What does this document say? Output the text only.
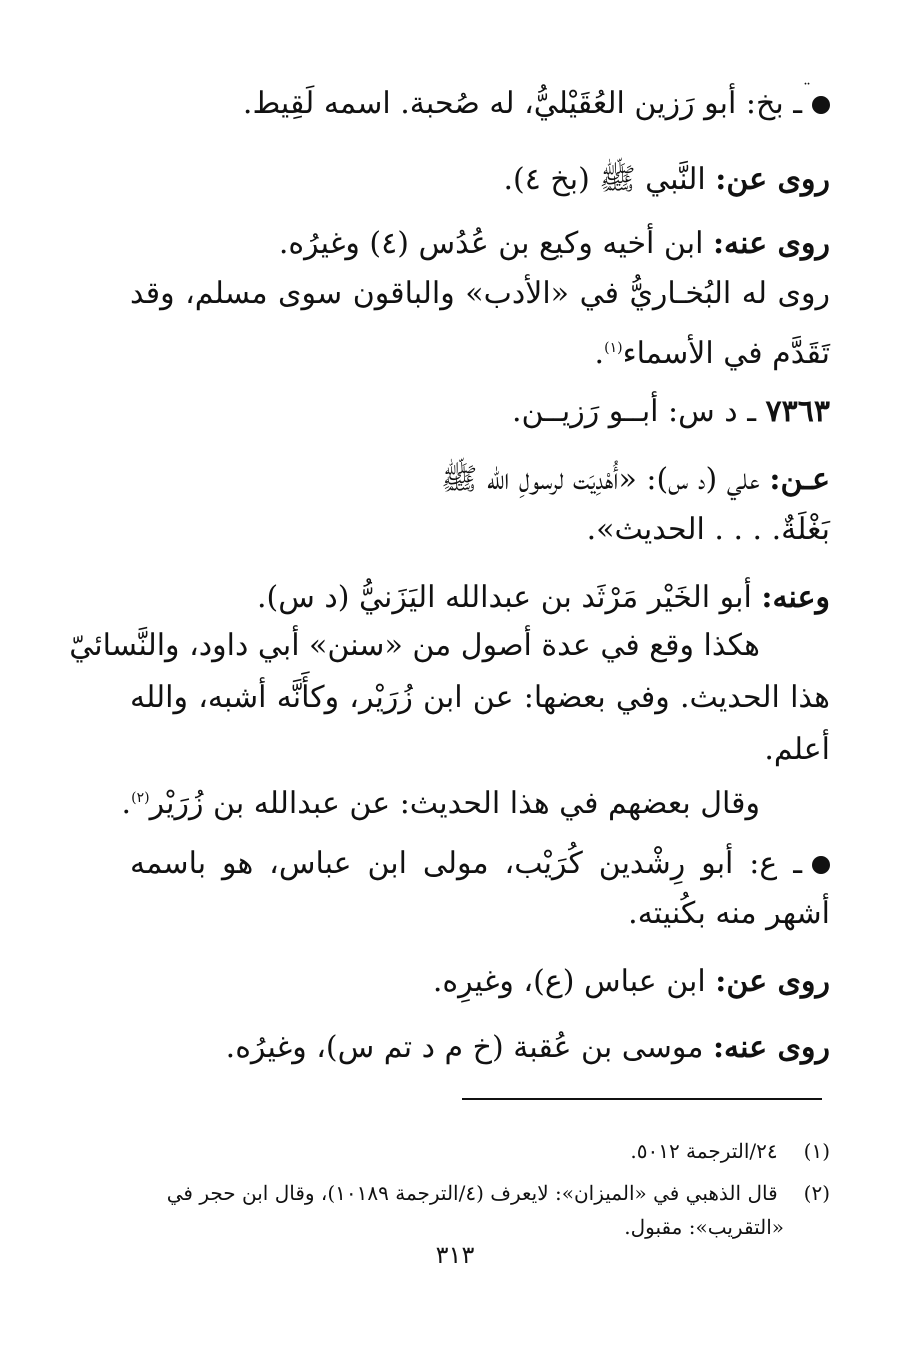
¨
ـ بخ: أبو رَزين العُقَيْليُّ، له صُحبة. اسمه لَقِيط.
روى عن: النَّبي ﷺ (بخ ٤).
روى عنه: ابن أخيه وكيع بن عُدُس (٤) وغيرُه.
روى له البُخـاريُّ في «الأدب» والباقون سوى مسلم، وقد
تَقَدَّم في الأسماء$^{(١)}$.
٧٣٦٣ ـ د س: أبــو رَزيــن.
عـن: علي (د س): «أُهْدِيَت لرسولِ الله ﷺ
بَغْلَةٌ. . . . الحديث».
وعنه: أبو الخَيْر مَرْثَد بن عبدالله اليَزَنيُّ (د س).
هكذا وقع في عدة أصول من «سنن» أبي داود، والنَّسائيّ
هذا الحديث. وفي بعضها: عن ابن زُرَيْر، وكأَنَّه أشبه، والله
أعلم.
وقال بعضهم في هذا الحديث: عن عبدالله بن زُرَيْر$^{(٢)}$.
ـ ع: أبو رِشْدين كُرَيْب، مولى ابن عباس، هو باسمه
أشهر منه بكُنيته.
روى عن: ابن عباس (ع)، وغيرِه.
روى عنه: موسى بن عُقبة (خ م د تم س)، وغيرُه.
(١) ٢٤/الترجمة ٥٠١٢.
(٢) قال الذهبي في «الميزان»: لايعرف (٤/الترجمة ١٠١٨٩)، وقال ابن حجر في
«التقريب»: مقبول.
٣١٣
